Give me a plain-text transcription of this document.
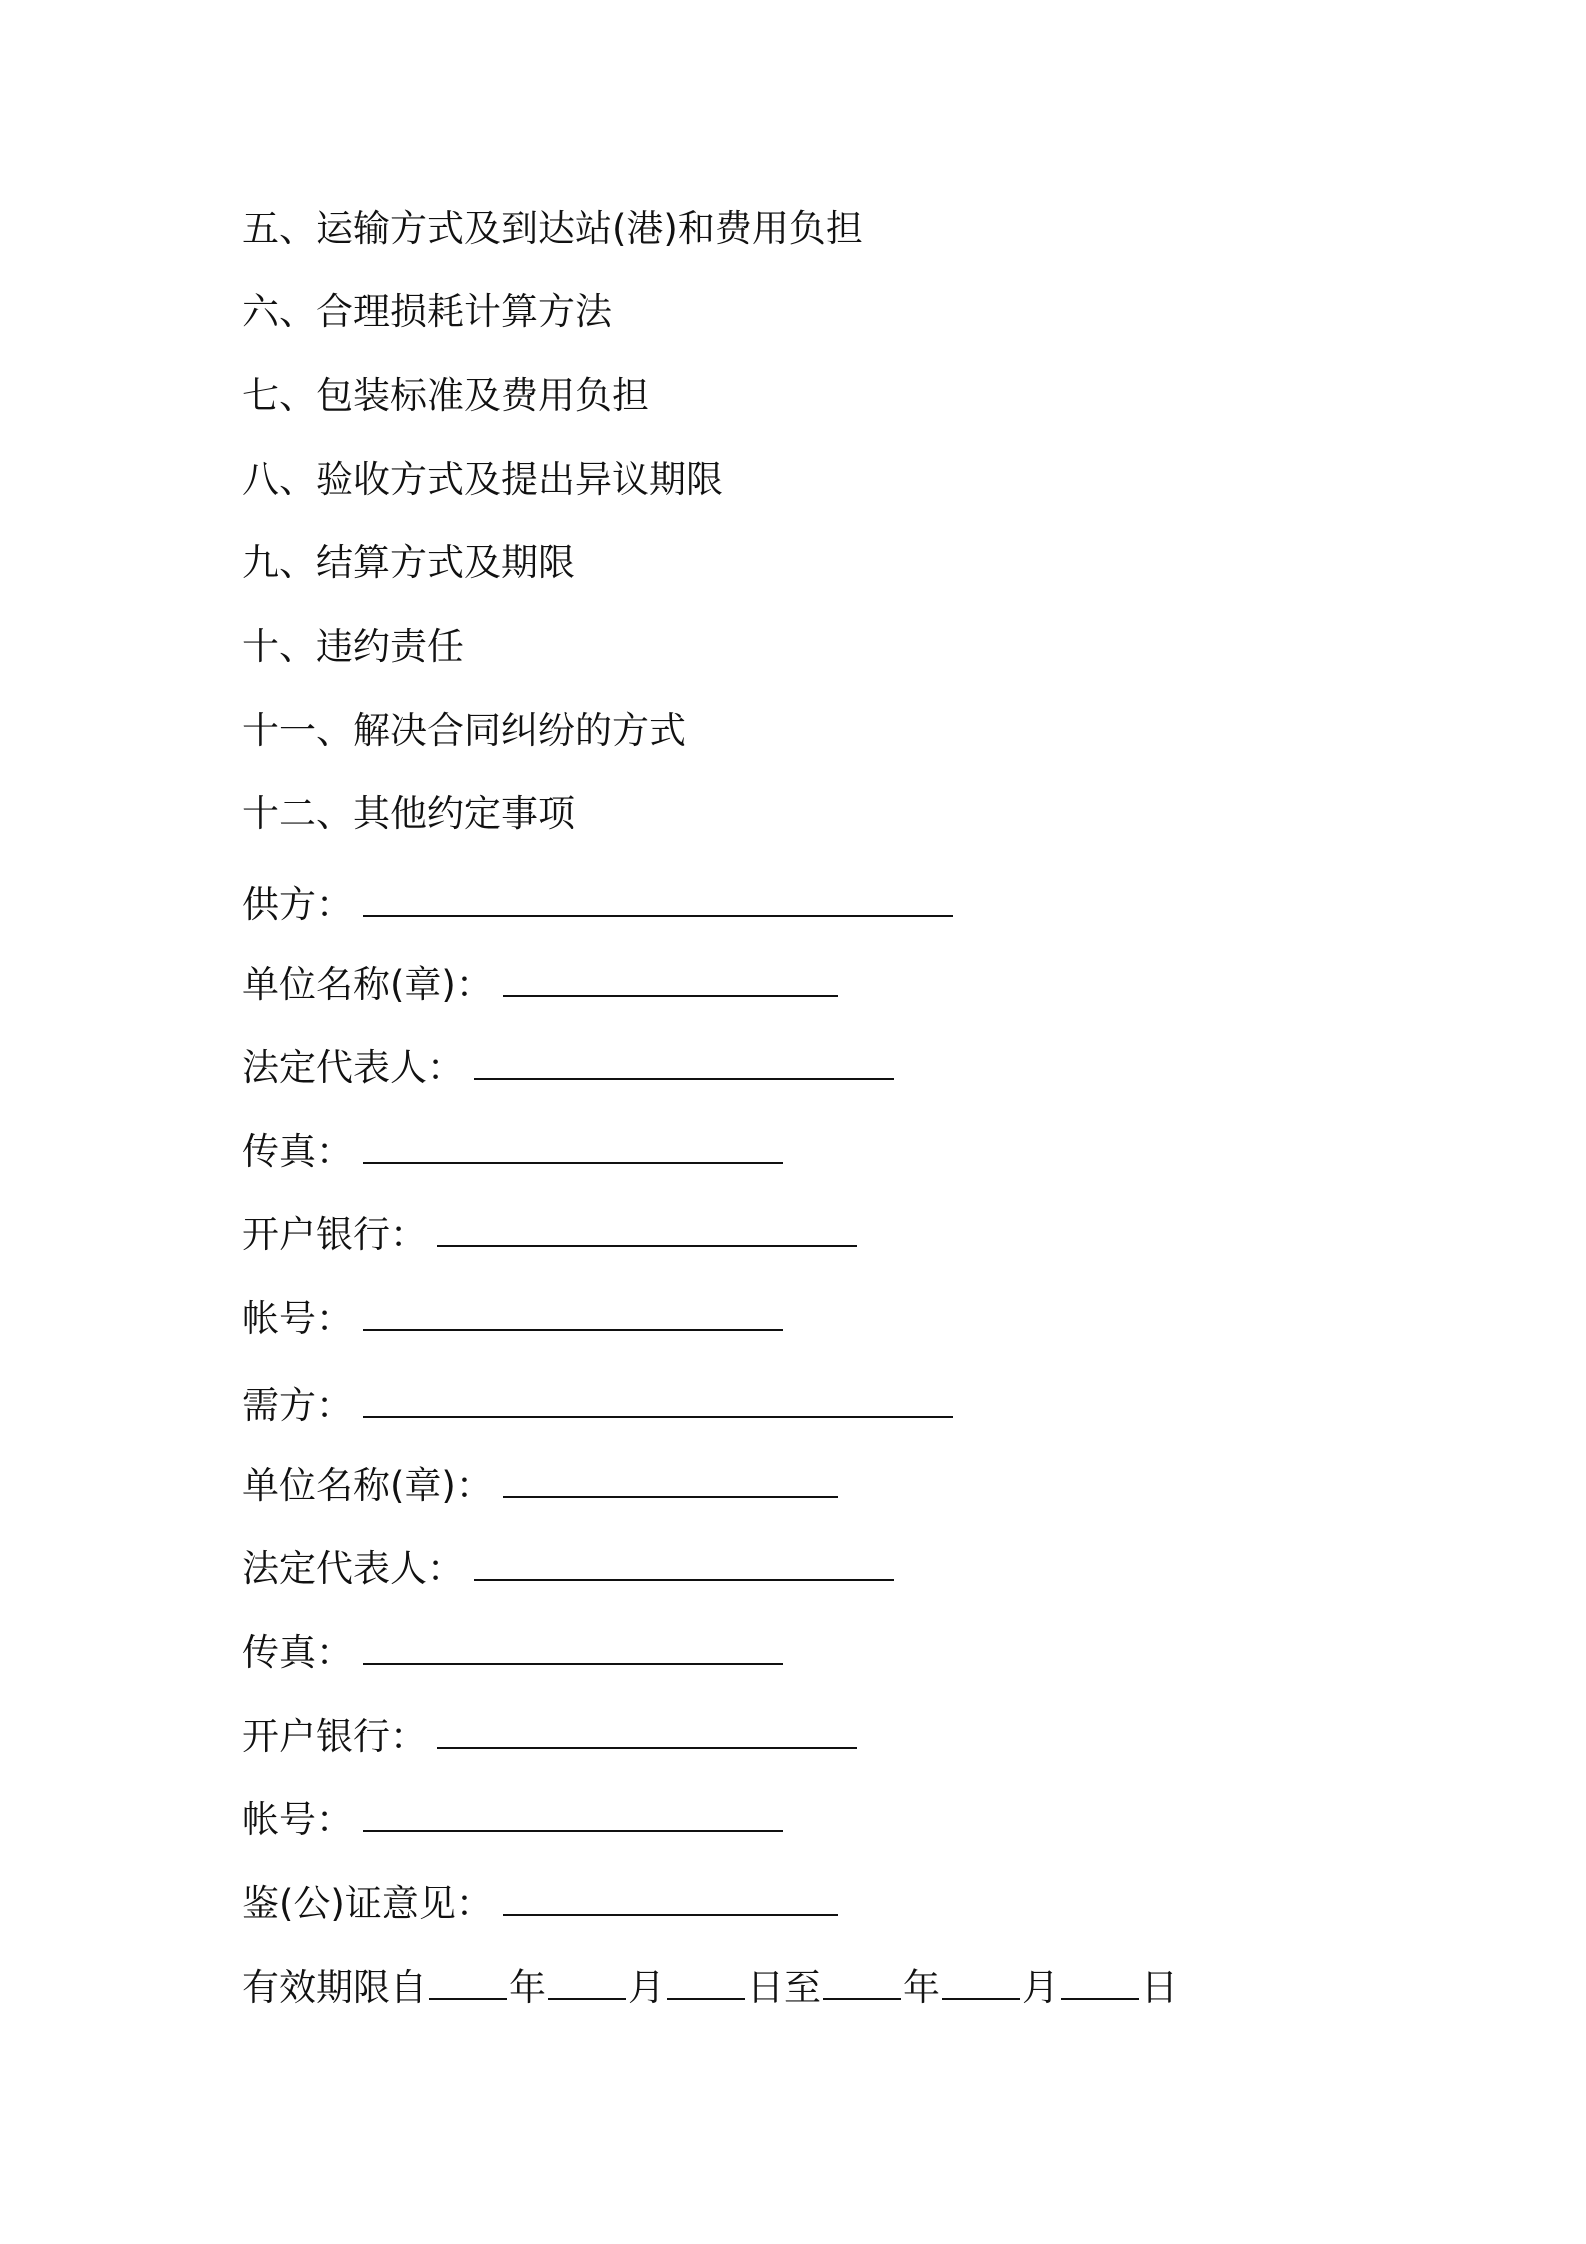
五、运输方式及到达站(港)和费用负担
六、合理损耗计算方法
七、包装标准及费用负担
八、验收方式及提出异议期限
九、结算方式及期限
十、违约责任
十一、解决合同纠纷的方式
十二、其他约定事项
供方：
单位名称(章)：
法定代表人：
传真：
开户银行：
帐号：
需方：
单位名称(章)：
法定代表人：
传真：
开户银行：
帐号：
鉴(公)证意见：
有效期限自 年 月 日至 年 月 日
